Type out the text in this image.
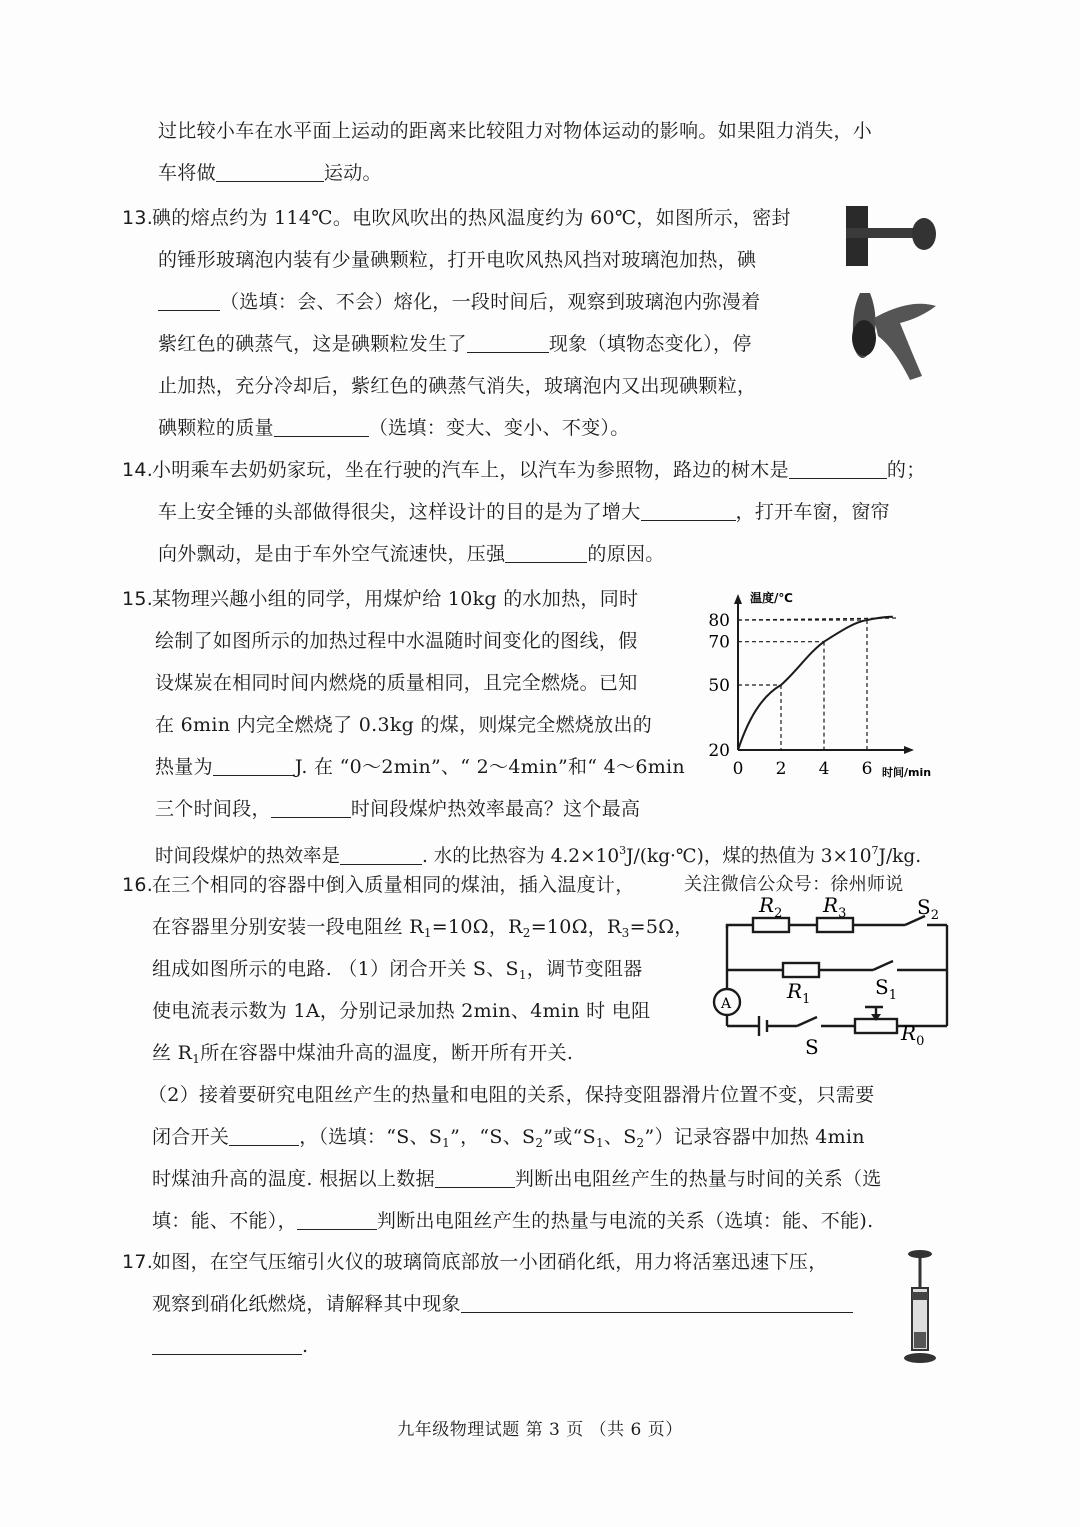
过比较小车在水平面上运动的距离来比较阻力对物体运动的影响。如果阻力消失，小
车将做	运动。
13.
碘的熔点约为 114℃。电吹风吹出的热风温度约为 60℃，如图所示，密封
的锤形玻璃泡内装有少量碘颗粒，打开电吹风热风挡对玻璃泡加热，碘
（选填：会、不会）熔化，一段时间后，观察到玻璃泡内弥漫着
紫红色的碘蒸气，这是碘颗粒发生了	现象（填物态变化），停
止加热，充分冷却后，紫红色的碘蒸气消失，玻璃泡内又出现碘颗粒，
碘颗粒的质量	（选填：变大、变小、不变）。
14.
小明乘车去奶奶家玩，坐在行驶的汽车上，以汽车为参照物，路边的树木是	的；
车上安全锤的头部做得很尖，这样设计的目的是为了增大	，打开车窗，窗帘
向外飘动，是由于车外空气流速快，压强	的原因。
15.
某物理兴趣小组的同学，用煤炉给 10kg 的水加热，同时
绘制了如图所示的加热过程中水温随时间变化的图线，假
设煤炭在相同时间内燃烧的质量相同，且完全燃烧。已知
在 6min 内完全燃烧了 0.3kg 的煤，则煤完全燃烧放出的
热量为	J. 在 “0～2min”、“ 2～4min”和“ 4～6min
三个时间段，	时间段煤炉热效率最高？这个最高
时间段煤炉的热效率是	. 水的比热容为 $4.2\times 10^3J/(kg\cdot℃)$，煤的热值为 $3\times 10^7J/kg$.
温度/℃
时间/min
20
50
70
80
0 2 4 6
16.
在三个相同的容器中倒入质量相同的煤油，插入温度计，	关注微信公众号：徐州师说
在容器里分别安装一段电阻丝 $R_1=10\Omega$，$R_2=10\Omega$，$R_3=5\Omega$，
组成如图所示的电路. （1）闭合开关 S、$S_1$，调节变阻器
使电流表示数为 1A，分别记录加热 2min、4min 时 电阻
丝 $R_1$所在容器中煤油升高的温度，断开所有开关.
（2）接着要研究电阻丝产生的热量和电阻的关系，保持变阻器滑片位置不变，只需要
闭合开关	，（选填：“S、$S_1$”，“S、$S_2$”或“$S_1$、$S_2$”）记录容器中加热 4min
时煤油升高的温度. 根据以上数据	判断出电阻丝产生的热量与时间的关系（选
填：能、不能），	判断出电阻丝产生的热量与电流的关系（选填：能、不能).
A
$R_2$ $R_3$	$S_2$
$R_1$
$S_1$
S
$R_0$
17.
如图，在空气压缩引火仪的玻璃筒底部放一小团硝化纸，用力将活塞迅速下压，
观察到硝化纸燃烧，请解释其中现象
.
九年级物理试题 第 3 页 （共 6 页）
